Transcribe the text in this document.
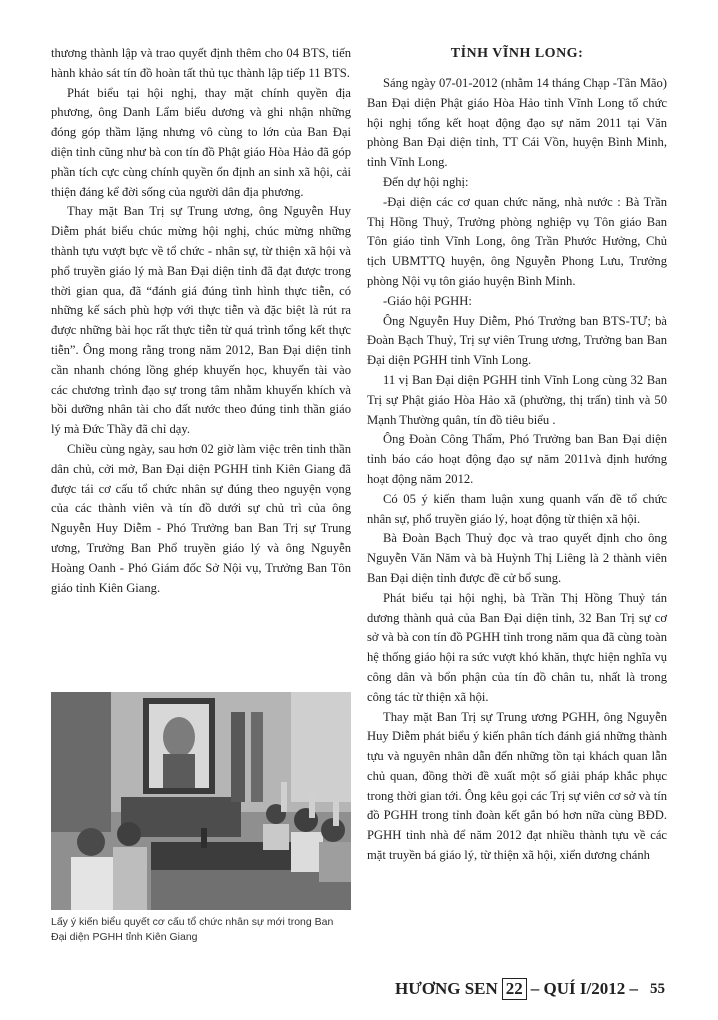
thương thành lập và trao quyết định thêm cho 04 BTS, tiến hành khảo sát tín đồ hoàn tất thủ tục thành lập tiếp 11 BTS.

Phát biểu tại hội nghị, thay mặt chính quyền địa phương, ông Danh Lẩm biểu dương và ghi nhận những đóng góp thầm lặng nhưng vô cùng to lớn của Ban Đại diện tỉnh cũng như bà con tín đồ Phật giáo Hòa Hảo đã góp phần tích cực cùng chính quyền ổn định an sinh xã hội, cải thiện đáng kể đời sống của người dân địa phương.

Thay mặt Ban Trị sự Trung ương, ông Nguyễn Huy Diễm phát biểu chúc mừng hội nghị, chúc mừng những thành tựu vượt bực về tổ chức - nhân sự, từ thiện xã hội và phổ truyền giáo lý mà Ban Đại diện tỉnh đã đạt được trong thời gian qua, đã “đánh giá đúng tình hình thực tiễn, có những kế sách phù hợp với thực tiễn và đặc biệt là rút ra được những bài học rất thực tiễn từ quá trình tổng kết thực tiễn”. Ông mong rằng trong năm 2012, Ban Đại diện tỉnh cần nhanh chóng lồng ghép khuyến học, khuyến tài vào các chương trình đạo sự trong tâm nhằm khuyến khích và bồi dưỡng nhân tài cho đất nước theo đúng tinh thần giáo lý mà Đức Thầy đã chỉ dạy.

Chiều cùng ngày, sau hơn 02 giờ làm việc trên tinh thần dân chủ, cởi mở, Ban Đại diện PGHH tỉnh Kiên Giang đã được tái cơ cấu tổ chức nhân sự đúng theo nguyện vọng của các thành viên và tín đồ dưới sự chủ trì của ông Nguyễn Huy Diễm - Phó Trưởng ban Ban Trị sự Trung ương, Trưởng Ban Phổ truyền giáo lý và ông Nguyễn Hoàng Oanh - Phó Giám đốc Sở Nội vụ, Trưởng Ban Tôn giáo tỉnh Kiên Giang.

Lấy ý kiến biểu quyết cơ cấu tổ chức nhân sự mới trong Ban Đại diện PGHH tỉnh Kiên Giang
TỈNH VĨNH LONG:

Sáng ngày 07-01-2012 (nhằm 14 tháng Chạp -Tân Mão) Ban Đại diện Phật giáo Hòa Hảo tỉnh Vĩnh Long tổ chức hội nghị tổng kết hoạt động đạo sự năm 2011 tại Văn phòng Ban Đại diện tỉnh, TT Cái Vồn, huyện Bình Minh, tỉnh Vĩnh Long.

Đến dự hội nghị:

-Đại diện các cơ quan chức năng, nhà nước : Bà Trần Thị Hồng Thuỷ, Trưởng phòng nghiệp vụ Tôn giáo Ban Tôn giáo tỉnh Vĩnh Long, ông Trần Phước Hưởng, Chủ tịch UBMTTQ huyện, ông Nguyễn Phong Lưu, Trưởng phòng Nội vụ tôn giáo huyện Bình Minh.

-Giáo hội PGHH:

Ông Nguyễn Huy Diễm, Phó Trưởng ban BTS-TƯ; bà Đoàn Bạch Thuỷ, Trị sự viên Trung ương, Trưởng ban Ban Đại diện PGHH tỉnh Vĩnh Long.

11 vị Ban Đại diện PGHH tỉnh Vĩnh Long cùng 32 Ban Trị sự Phật giáo Hòa Hảo xã (phường, thị trấn) tỉnh và 50 Mạnh Thường quân, tín đồ tiêu biểu .

Ông Đoàn Công Thẩm, Phó Trưởng ban Ban Đại diện tỉnh báo cáo hoạt động đạo sự năm 2011và định hướng hoạt động năm 2012.

Có 05 ý kiến tham luận xung quanh vấn đề tổ chức nhân sự, phổ truyền giáo lý, hoạt động từ thiện xã hội.

Bà Đoàn Bạch Thuỷ đọc và trao quyết định cho ông Nguyễn Văn Năm và bà Huỳnh Thị Liêng là 2 thành viên Ban Đại diện tỉnh được đề cử bổ sung.

Phát biểu tại hội nghị, bà Trần Thị Hồng Thuỷ tán dương thành quả của Ban Đại diện tỉnh, 32 Ban Trị sự cơ sở và bà con tín đồ PGHH tỉnh trong năm qua đã cùng toàn hệ thống giáo hội ra sức vượt khó khăn, thực hiện nghĩa vụ công dân và bổn phận của tín đồ chân tu, nhất là trong công tác từ thiện xã hội.

Thay mặt Ban Trị sự Trung ương PGHH, ông Nguyễn Huy Diễm phát biểu ý kiến phân tích đánh giá những thành tựu và nguyên nhân dẫn đến những tồn tại khách quan lẫn chủ quan, đồng thời đề xuất một số giải pháp khắc phục trong thời gian tới. Ông kêu gọi các Trị sự viên cơ sở và tín đồ PGHH trong tỉnh đoàn kết gắn bó hơn nữa cùng BĐD. PGHH tỉnh nhà để năm 2012 đạt nhiều thành tựu về các mặt truyền bá giáo lý, từ thiện xã hội, xiển dương chánh

HƯƠNG SEN 22 – QUÍ I/2012 – 55
